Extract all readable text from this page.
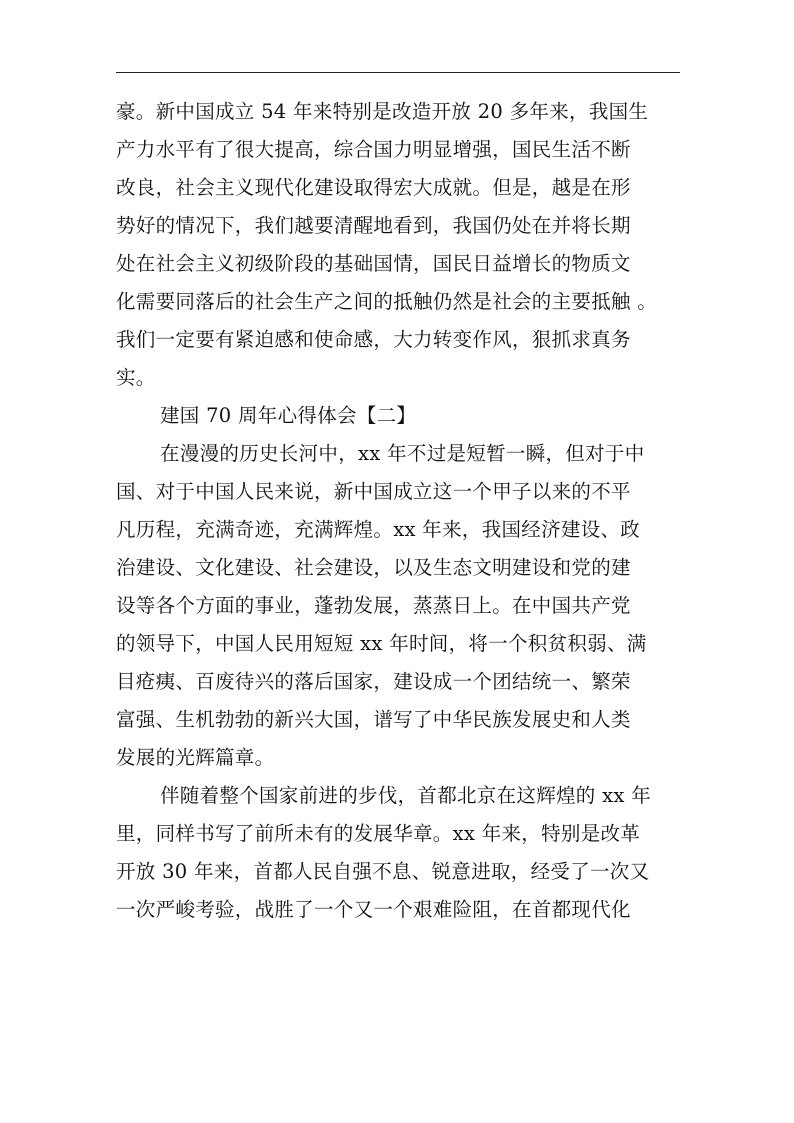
豪。新中国成立 54 年来特别是改造开放 20 多年来，我国生
产力水平有了很大提高，综合国力明显增强，国民生活不断
改良，社会主义现代化建设取得宏大成就。但是，越是在形
势好的情况下，我们越要清醒地看到，我国仍处在并将长期
处在社会主义初级阶段的基础国情，国民日益增长的物质文
化需要同落后的社会生产之间的抵触仍然是社会的主要抵触 。
我们一定要有紧迫感和使命感，大力转变作风，狠抓求真务
实。
建国 70 周年心得体会【二】
在漫漫的历史长河中，xx 年不过是短暂一瞬，但对于中
国、对于中国人民来说，新中国成立这一个甲子以来的不平
凡历程，充满奇迹，充满辉煌。xx 年来，我国经济建设、政
治建设、文化建设、社会建设，以及生态文明建设和党的建
设等各个方面的事业，蓬勃发展，蒸蒸日上。在中国共产党
的领导下，中国人民用短短 xx 年时间，将一个积贫积弱、满
目疮痍、百废待兴的落后国家，建设成一个团结统一、繁荣
富强、生机勃勃的新兴大国，谱写了中华民族发展史和人类
发展的光辉篇章。
伴随着整个国家前进的步伐，首都北京在这辉煌的 xx 年
里，同样书写了前所未有的发展华章。xx 年来，特别是改革
开放 30 年来，首都人民自强不息、锐意进取，经受了一次又
一次严峻考验，战胜了一个又一个艰难险阻，在首都现代化
